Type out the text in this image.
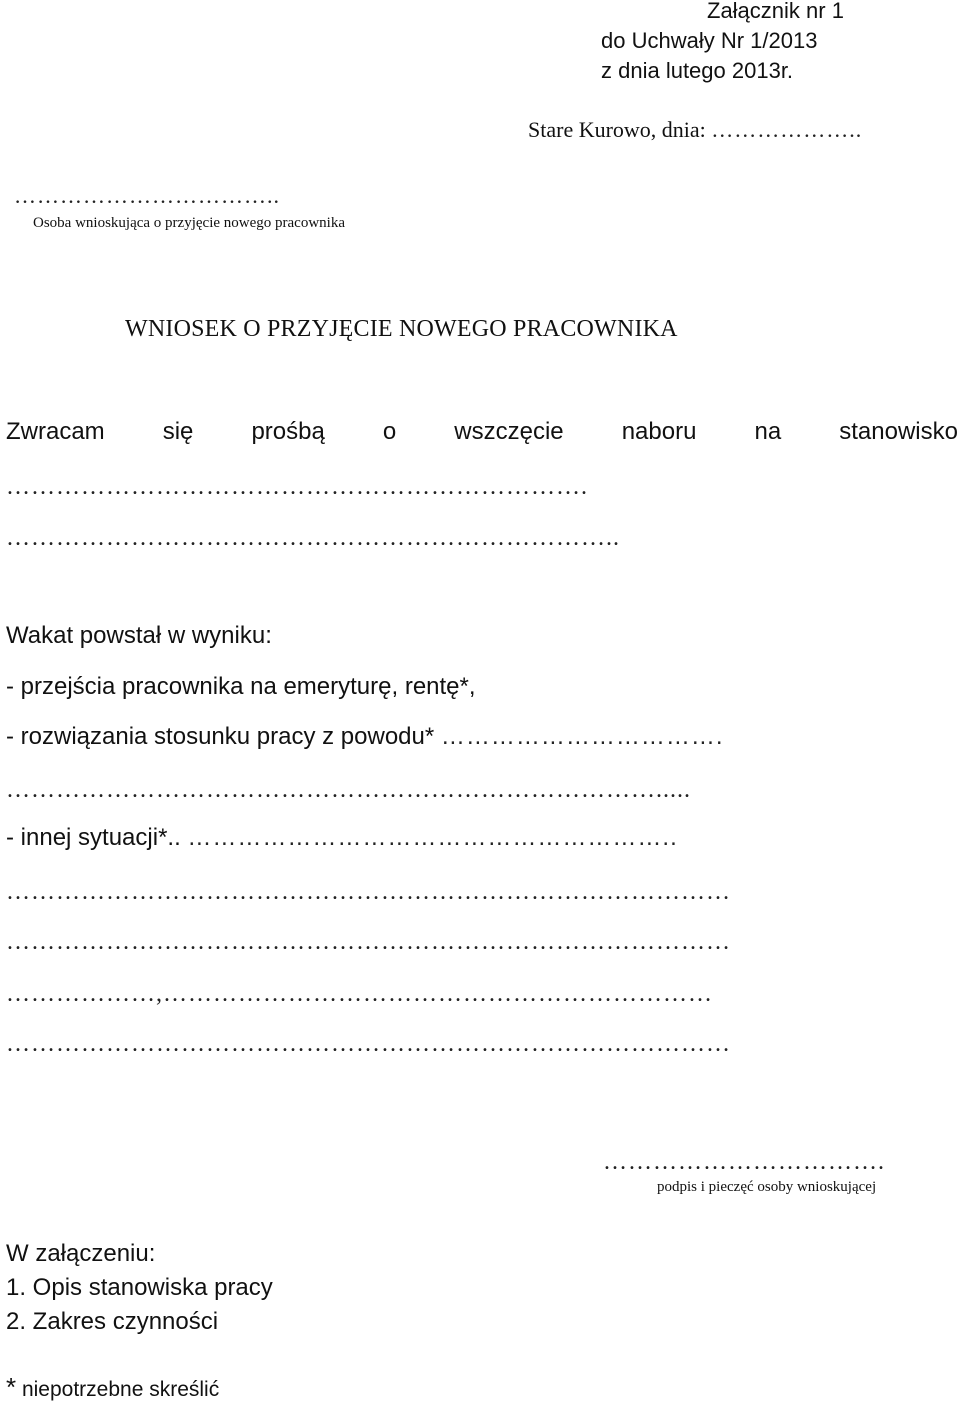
Załącznik nr 1
do Uchwały Nr 1/2013
z dnia lutego 2013r.
Stare Kurowo, dnia: ………………..
……………………………..
Osoba wnioskująca o przyjęcie nowego pracownika
WNIOSEK O PRZYJĘCIE NOWEGO PRACOWNIKA
Zwracam się prośbą o wszczęcie naboru na stanowisko
…………………………………………………………….
………………………………………………………………..
Wakat powstał w wyniku:
- przejścia pracownika na emeryturę, rentę*,
- rozwiązania stosunku pracy z powodu* …………………………….
…………………………………………………………………….....
- innej sytuacji*.. …………………………………………………..
……………………………………………………………………………
……………………………………………………………………………
………………,…………………………………………………………
……………………………………………………………………………
…………………………….
podpis i pieczęć osoby wnioskującej
W załączeniu:
1. Opis stanowiska pracy
2. Zakres czynności
* niepotrzebne skreślić
